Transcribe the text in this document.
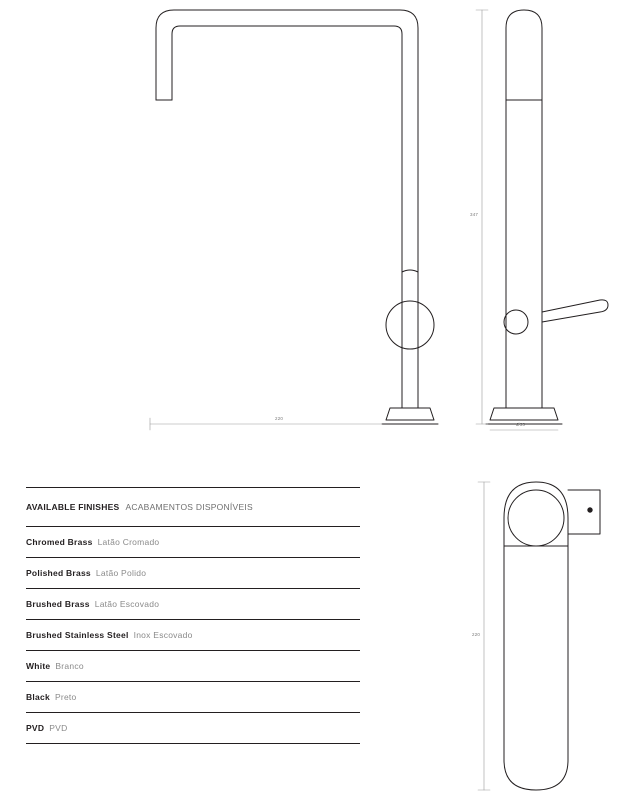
220
347
Ø55
220
AVAILABLE FINISHES ACABAMENTOS DISPONÍVEIS
Chromed Brass Latão Cromado
Polished Brass Latão Polido
Brushed Brass Latão Escovado
Brushed Stainless Steel Inox Escovado
White Branco
Black Preto
PVD PVD
